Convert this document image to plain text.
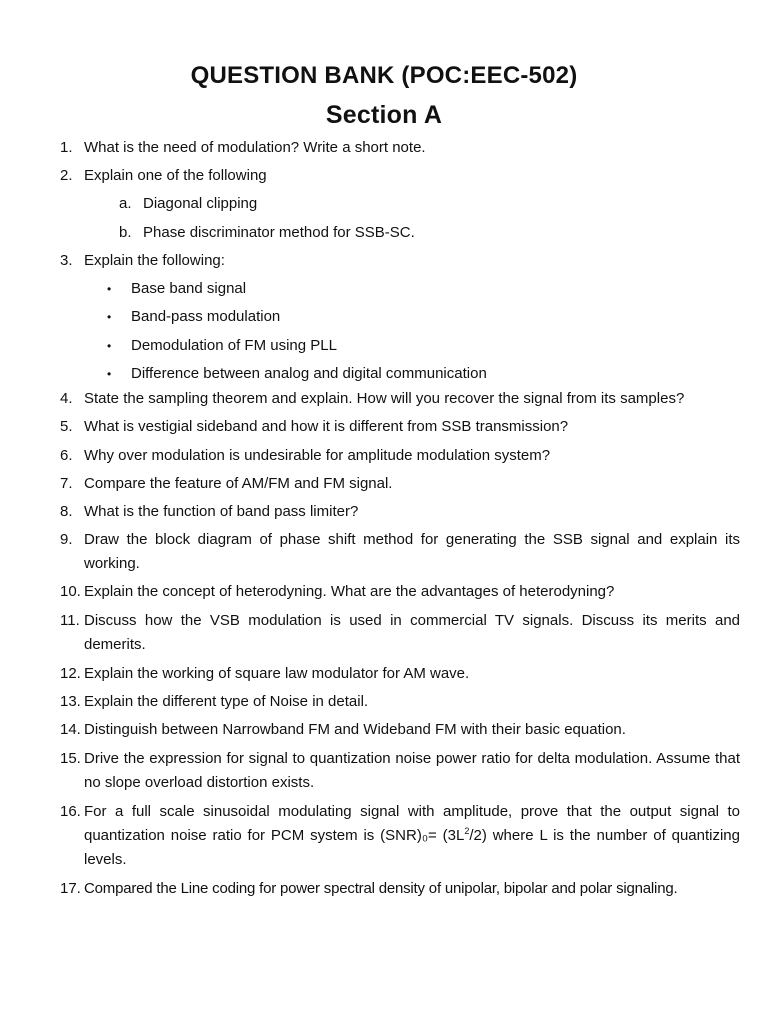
QUESTION BANK (POC:EEC-502)
Section A
1. What is the need of modulation? Write a short note.
2. Explain one of the following
a. Diagonal clipping
b. Phase discriminator method for SSB-SC.
3. Explain the following:
• Base band signal
• Band-pass modulation
• Demodulation of FM using PLL
• Difference between analog and digital communication
4. State the sampling theorem and explain. How will you recover the signal from its samples?
5. What is vestigial sideband and how it is different from SSB transmission?
6. Why over modulation is undesirable for amplitude modulation system?
7. Compare the feature of AM/FM and FM signal.
8. What is the function of band pass limiter?
9. Draw the block diagram of phase shift method for generating the SSB signal and explain its working.
10. Explain the concept of heterodyning. What are the advantages of heterodyning?
11. Discuss how the VSB modulation is used in commercial TV signals. Discuss its merits and demerits.
12. Explain the working of square law modulator for AM wave.
13. Explain the different type of Noise in detail.
14. Distinguish between Narrowband FM and Wideband FM with their basic equation.
15. Drive the expression for signal to quantization noise power ratio for delta modulation. Assume that no slope overload distortion exists.
16. For a full scale sinusoidal modulating signal with amplitude, prove that the output signal to quantization noise ratio for PCM system is $(SNR)_0= (3L^2/2)$ where L is the number of quantizing levels.
17. Compared the Line coding for power spectral density of unipolar, bipolar and polar signaling.
